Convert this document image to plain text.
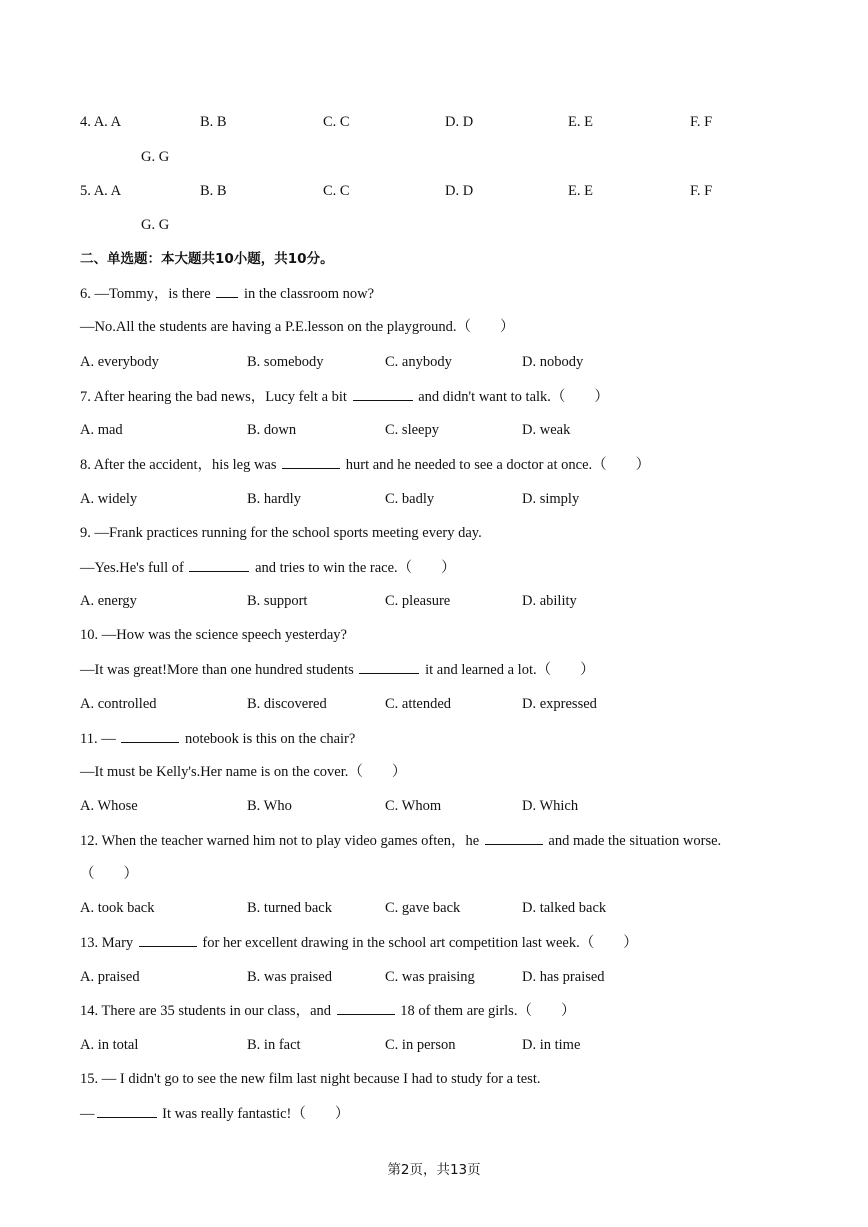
4. A. A	B. B	C. C	D. D	E. E	F. F
G. G
5. A. A	B. B	C. C	D. D	E. E	F. F
G. G
二、单选题：本大题共10小题，共10分。
6. —Tommy，is there  in the classroom now?
—No.All the students are having a P.E.lesson on the playground.（　　）
A. everybody	B. somebody	C. anybody	D. nobody
7. After hearing the bad news，Lucy felt a bit	and didn't want to talk.（　　）
A. mad	B. down	C. sleepy	D. weak
8. After the accident，his leg was	hurt and he needed to see a doctor at once.（　　）
A. widely	B. hardly	C. badly	D. simply
9. —Frank practices running for the school sports meeting every day.
—Yes.He's full of	and tries to win the race.（　　）
A. energy	B. support	C. pleasure	D. ability
10. —How was the science speech yesterday?
—It was great!More than one hundred students	it and learned a lot.（　　）
A. controlled	B. discovered	C. attended	D. expressed
11. —	notebook is this on the chair?
—It must be Kelly's.Her name is on the cover.（　　）
A. Whose	B. Who	C. Whom	D. Which
12. When the teacher warned him not to play video games often，he	and made the situation worse.
（　　）
A. took back	B. turned back	C. gave back	D. talked back
13. Mary	for her excellent drawing in the school art competition last week.（　　）
A. praised	B. was praised	C. was praising	D. has praised
14. There are 35 students in our class，and	18 of them are girls.（　　）
A. in total	B. in fact	C. in person	D. in time
15. — I didn't go to see the new film last night because I had to study for a test.
—	It was really fantastic!（　　）
第2页，共13页
